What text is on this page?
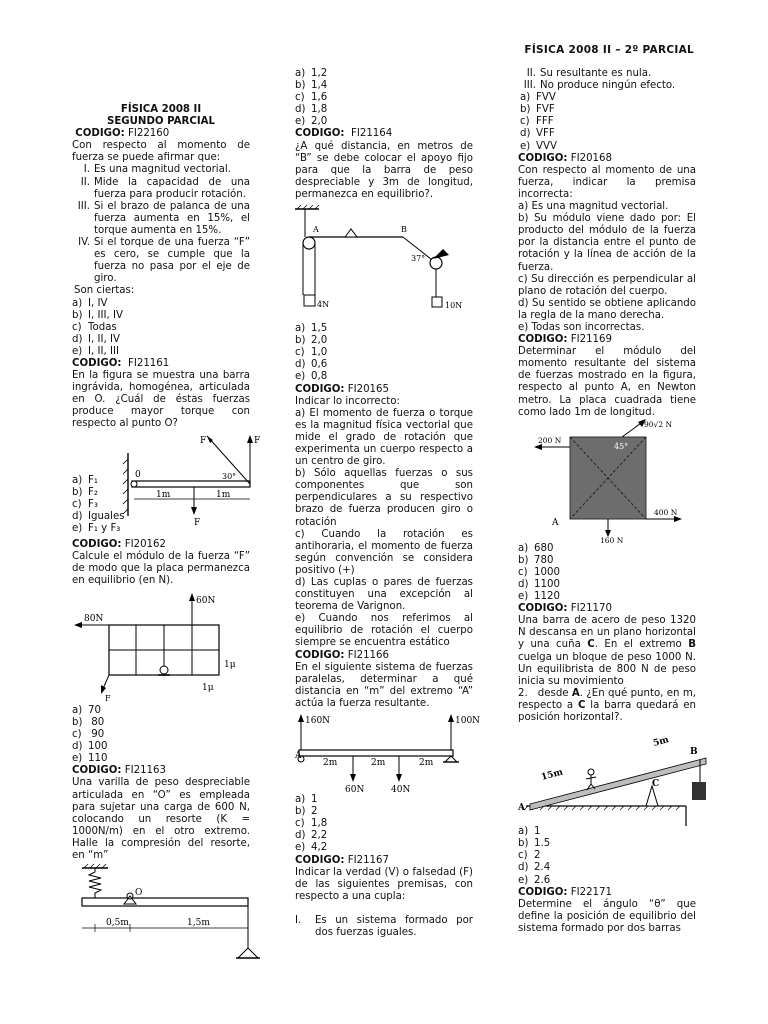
FÍSICA 2008 II – 2º PARCIAL

FÍSICA 2008 II

SEGUNDO PARCIAL

CODIGO: FI22160

Con respecto al momento de fuerza se puede afirmar que:

I. Es una magnitud vectorial.
II. Mide la capacidad de una fuerza para producir rotación.
III. Si el brazo de palanca de una fuerza aumenta en 15%, el torque aumenta en 15%.
IV. Si el torque de una fuerza “F” es cero, se cumple que la fuerza no pasa por el eje de giro.

Son ciertas:

a) I, IV
b) I, III, IV
c) Todas
d) I, II, IV
e) I, II, III

CODIGO: FI21161

En la figura se muestra una barra ingrávida, homogénea, articulada en O. ¿Cuál de éstas fuerzas produce mayor torque con respecto al punto O?

a) F₁
b) F₂
c) F₃
d) Iguales
e) F₁ y F₃
0
F	F
30°
F
1m	1m

CODIGO: FI20162

Calcule el módulo de la fuerza “F” de modo que la placa permanezca en equilibrio (en N).

60N
80N
F
1μ
1μ
a) 70
b)
80
c)
90
d) 100
e) 110

CODIGO: FI21163

Una varilla de peso despreciable articulada en “O” es empleada para sujetar una carga de 600 N, colocando un resorte (K = 1000N/m) en el otro extremo. Halle la compresión del resorte, en “m”

O
0,5m	1,5m
a) 1,2
b) 1,4
c) 1,6
d) 1,8
e) 2,0

CODIGO: FI21164

¿A qué distancia, en metros de “B” se debe colocar el apoyo fijo para que la barra de peso despreciable y 3m de longitud, permanezca en equilibrio?.

A	B
37°
4N	10N
a) 1,5
b) 2,0
c) 1,0
d) 0,6
e) 0,8

CODIGO: FI20165

Indicar lo incorrecto:

a) El momento de fuerza o torque es la magnitud física vectorial que mide el grado de rotación que experimenta un cuerpo respecto a un centro de giro.

b) Sólo aquellas fuerzas o sus componentes que son perpendiculares a su respectivo brazo de fuerza producen giro o rotación

c) Cuando la rotación es antihoraria, el momento de fuerza según convención se considera positivo (+)

d) Las cuplas o pares de fuerzas constituyen una excepción al teorema de Varignon.

e) Cuando nos referimos al equilibrio de rotación el cuerpo siempre se encuentra estático

CODIGO: FI21166

En el siguiente sistema de fuerzas paralelas, determinar a qué distancia en “m” del extremo “A” actúa la fuerza resultante.

160N	100N
A
60N	40N
2m	2m	2m
a) 1
b) 2
c) 1,8
d) 2,2
e) 4,2

CODIGO: FI21167

Indicar la verdad (V) o falsedad (F) de las siguientes premisas, con respecto a una cupla:

I.	Es un sistema formado por dos fuerzas iguales.
II. Su resultante es nula.
III. No produce ningún efecto.
a) FVV
b) FVF
c) FFF
d) VFF
e) VVV

CODIGO: FI20168

Con respecto al momento de una fuerza, indicar la premisa incorrecta:

a) Es una magnitud vectorial.

b) Su módulo viene dado por: El producto del módulo de la fuerza por la distancia entre el punto de rotación y la línea de acción de la fuerza.

c) Su dirección es perpendicular al plano de rotación del cuerpo.

d) Su sentido se obtiene aplicando la regla de la mano derecha.

e) Todas son incorrectas.

CODIGO: FI21169

Determinar el módulo del momento resultante del sistema de fuerzas mostrado en la figura, respecto al punto A, en Newton metro. La placa cuadrada tiene como lado 1m de longitud.

200 N
90√2 N
45°
400 N
160 N
A
a) 680
b) 780
c) 1000
d) 1100
e) 1120

CODIGO: FI21170

Una barra de acero de peso 1320 N descansa en un plano horizontal y una cuña C. En el extremo B cuelga un bloque de peso 1000 N. Un equilibrista de 800 N de peso inicia su movimiento

2. desde A. ¿En qué punto, en m, respecto a C la barra quedará en posición horizontal?.

C
15m
5m
A
B
a) 1
b) 1.5
c) 2
d) 2.4
e) 2.6

CODIGO: FI22171

Determine el ángulo “θ” que define la posición de equilibrio del sistema formado por dos barras
